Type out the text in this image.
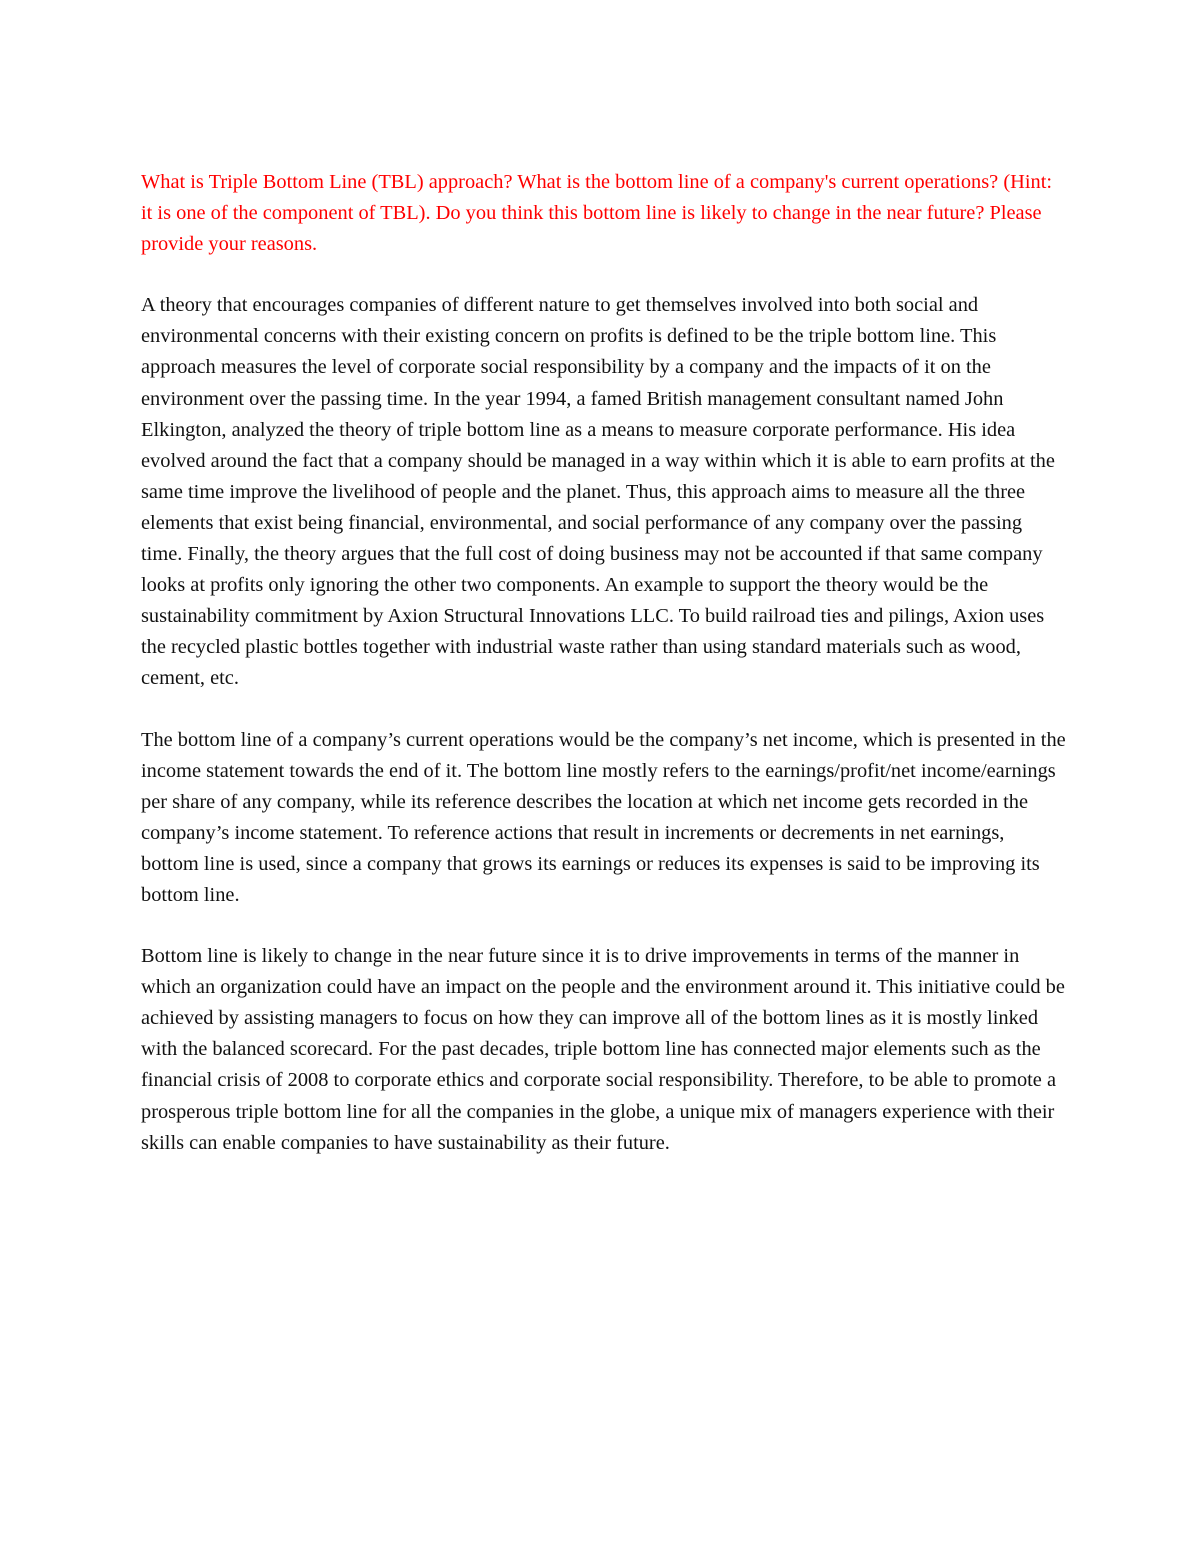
What is Triple Bottom Line (TBL) approach? What is the bottom line of a company's current operations? (Hint: it is one of the component of TBL). Do you think this bottom line is likely to change in the near future? Please provide your reasons.

A theory that encourages companies of different nature to get themselves involved into both social and environmental concerns with their existing concern on profits is defined to be the triple bottom line. This approach measures the level of corporate social responsibility by a company and the impacts of it on the environment over the passing time. In the year 1994, a famed British management consultant named John Elkington, analyzed the theory of triple bottom line as a means to measure corporate performance. His idea evolved around the fact that a company should be managed in a way within which it is able to earn profits at the same time improve the livelihood of people and the planet. Thus, this approach aims to measure all the three elements that exist being financial, environmental, and social performance of any company over the passing time. Finally, the theory argues that the full cost of doing business may not be accounted if that same company looks at profits only ignoring the other two components. An example to support the theory would be the sustainability commitment by Axion Structural Innovations LLC. To build railroad ties and pilings, Axion uses the recycled plastic bottles together with industrial waste rather than using standard materials such as wood, cement, etc.

The bottom line of a company’s current operations would be the company’s net income, which is presented in the income statement towards the end of it. The bottom line mostly refers to the earnings/profit/net income/earnings per share of any company, while its reference describes the location at which net income gets recorded in the company’s income statement. To reference actions that result in increments or decrements in net earnings, bottom line is used, since a company that grows its earnings or reduces its expenses is said to be improving its bottom line.

Bottom line is likely to change in the near future since it is to drive improvements in terms of the manner in which an organization could have an impact on the people and the environment around it. This initiative could be achieved by assisting managers to focus on how they can improve all of the bottom lines as it is mostly linked with the balanced scorecard. For the past decades, triple bottom line has connected major elements such as the financial crisis of 2008 to corporate ethics and corporate social responsibility. Therefore, to be able to promote a prosperous triple bottom line for all the companies in the globe, a unique mix of managers experience with their skills can enable companies to have sustainability as their future.
